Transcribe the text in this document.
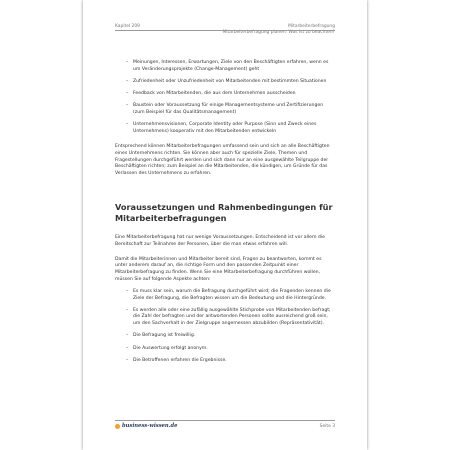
Kapitel 209	Mitarbeiterbefragung
Mitarbeiterbefragung planen: Was ist zu beachten?
– Meinungen, Interessen, Erwartungen, Ziele von den Beschäftigten erfahren, wenn es um Veränderungsprojekte (Change-Management) geht
– Zufriedenheit oder Unzufriedenheit von Mitarbeitenden mit bestimmten Situationen
– Feedback von Mitarbeitenden, die aus dem Unternehmen ausscheiden
– Baustein oder Voraussetzung für einige Managementsysteme und Zertifizierungen (zum Beispiel für das Qualitätsmanagement)
– Unternehmensvisionen, Corporate Identity oder Purpose (Sinn und Zweck eines Unternehmens) kooperativ mit den Mitarbeitenden entwickeln

Entsprechend können Mitarbeiterbefragungen umfassend sein und sich an alle Beschäftigten eines Unternehmens richten. Sie können aber auch für spezielle Ziele, Themen und Fragestellungen durchgeführt werden und sich dann nur an eine ausgewählte Teilgruppe der Beschäftigten richten; zum Beispiel an die Mitarbeitenden, die kündigen, um Gründe für das Verlassen des Unternehmens zu erfahren.

Voraussetzungen und Rahmenbedingungen für Mitarbeiterbefragungen

Eine Mitarbeiterbefragung hat nur wenige Voraussetzungen. Entscheidend ist vor allem die Bereitschaft zur Teilnahme der Personen, über die man etwas erfahren will.

Damit die Mitarbeiterinnen und Mitarbeiter bereit sind, Fragen zu beantworten, kommt es unter anderem darauf an, die richtige Form und den passenden Zeitpunkt einer Mitarbeiterbefragung zu finden. Wenn Sie eine Mitarbeiterbefragung durchführen wollen, müssen Sie auf folgende Aspekte achten:

– Es muss klar sein, warum die Befragung durchgeführt wird; die Fragenden kennen die Ziele der Befragung, die Befragten wissen um die Bedeutung und die Hintergründe.
– Es werden alle oder eine zufällig ausgewählte Stichprobe von Mitarbeitenden befragt; die Zahl der befragten und der antwortenden Personen sollte ausreichend groß sein, um den Sachverhalt in der Zielgruppe angemessen abzubilden (Repräsentativität).
– Die Befragung ist freiwillig.
– Die Auswertung erfolgt anonym.
– Die Betroffenen erfahren die Ergebnisse.
business-wissen.de	Seite 3
